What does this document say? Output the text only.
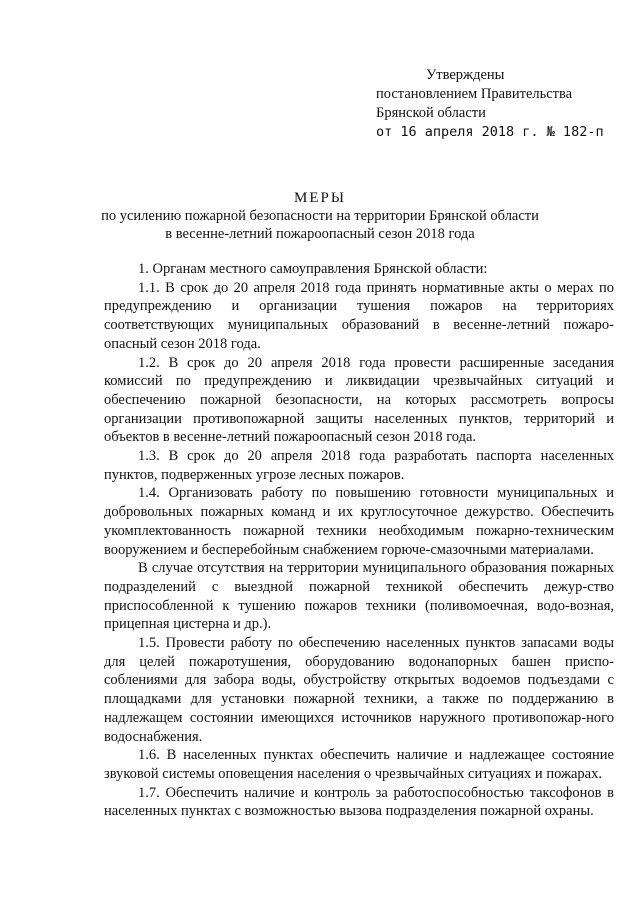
Утверждены
постановлением Правительства
Брянской области
от 16 апреля 2018 г. № 182-п
МЕРЫ
по усилению пожарной безопасности на территории Брянской области
в весенне-летний пожароопасный сезон 2018 года

1. Органам местного самоуправления Брянской области:

1.1. В срок до 20 апреля 2018 года принять нормативные акты о мерах по предупреждению и организации тушения пожаров на территориях соответствующих муниципальных образований в весенне-летний пожаро-опасный сезон 2018 года.

1.2. В срок до 20 апреля 2018 года провести расширенные заседания комиссий по предупреждению и ликвидации чрезвычайных ситуаций и обеспечению пожарной безопасности, на которых рассмотреть вопросы организации противопожарной защиты населенных пунктов, территорий и объектов в весенне-летний пожароопасный сезон 2018 года.

1.3. В срок до 20 апреля 2018 года разработать паспорта населенных пунктов, подверженных угрозе лесных пожаров.

1.4. Организовать работу по повышению готовности муниципальных и добровольных пожарных команд и их круглосуточное дежурство. Обеспечить укомплектованность пожарной техники необходимым пожарно-техническим вооружением и бесперебойным снабжением горюче-смазочными материалами.

В случае отсутствия на территории муниципального образования пожарных подразделений с выездной пожарной техникой обеспечить дежур-ство приспособленной к тушению пожаров техники (поливомоечная, водо-возная, прицепная цистерна и др.).

1.5. Провести работу по обеспечению населенных пунктов запасами воды для целей пожаротушения, оборудованию водонапорных башен приспо-соблениями для забора воды, обустройству открытых водоемов подъездами с площадками для установки пожарной техники, а также по поддержанию в надлежащем состоянии имеющихся источников наружного противопожар-ного водоснабжения.

1.6. В населенных пунктах обеспечить наличие и надлежащее состояние звуковой системы оповещения населения о чрезвычайных ситуациях и пожарах.

1.7. Обеспечить наличие и контроль за работоспособностью таксофонов в населенных пунктах с возможностью вызова подразделения пожарной охраны.
